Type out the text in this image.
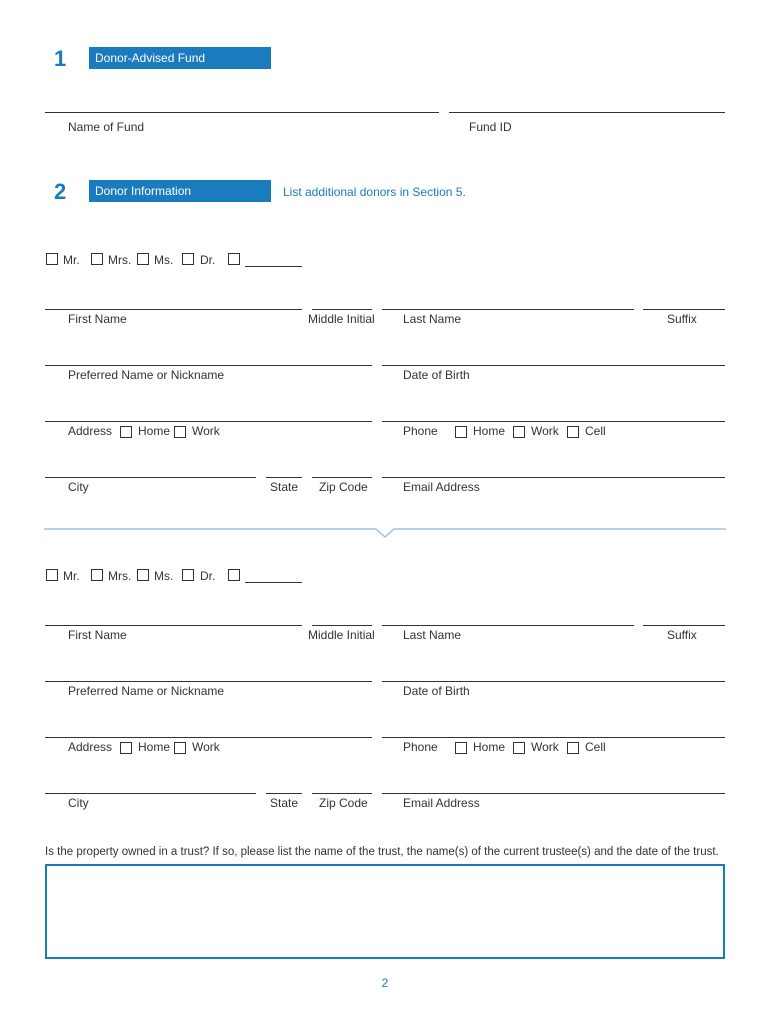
1	Donor-Advised Fund
Name of Fund	Fund ID
2	Donor Information	List additional donors in Section 5.
Mr. Mrs. Ms. Dr.
First Name	Middle Initial Last Name	Suffix
Preferred Name or Nickname	Date of Birth
Address Home Work	Phone	Home Work Cell
City	State Zip Code	Email Address
Mr. Mrs. Ms. Dr.
First Name	Middle Initial Last Name	Suffix
Preferred Name or Nickname	Date of Birth
Address Home Work	Phone	Home Work Cell
City	State Zip Code	Email Address
Is the property owned in a trust? If so, please list the name of the trust, the name(s) of the current trustee(s) and the date of the trust.
2
